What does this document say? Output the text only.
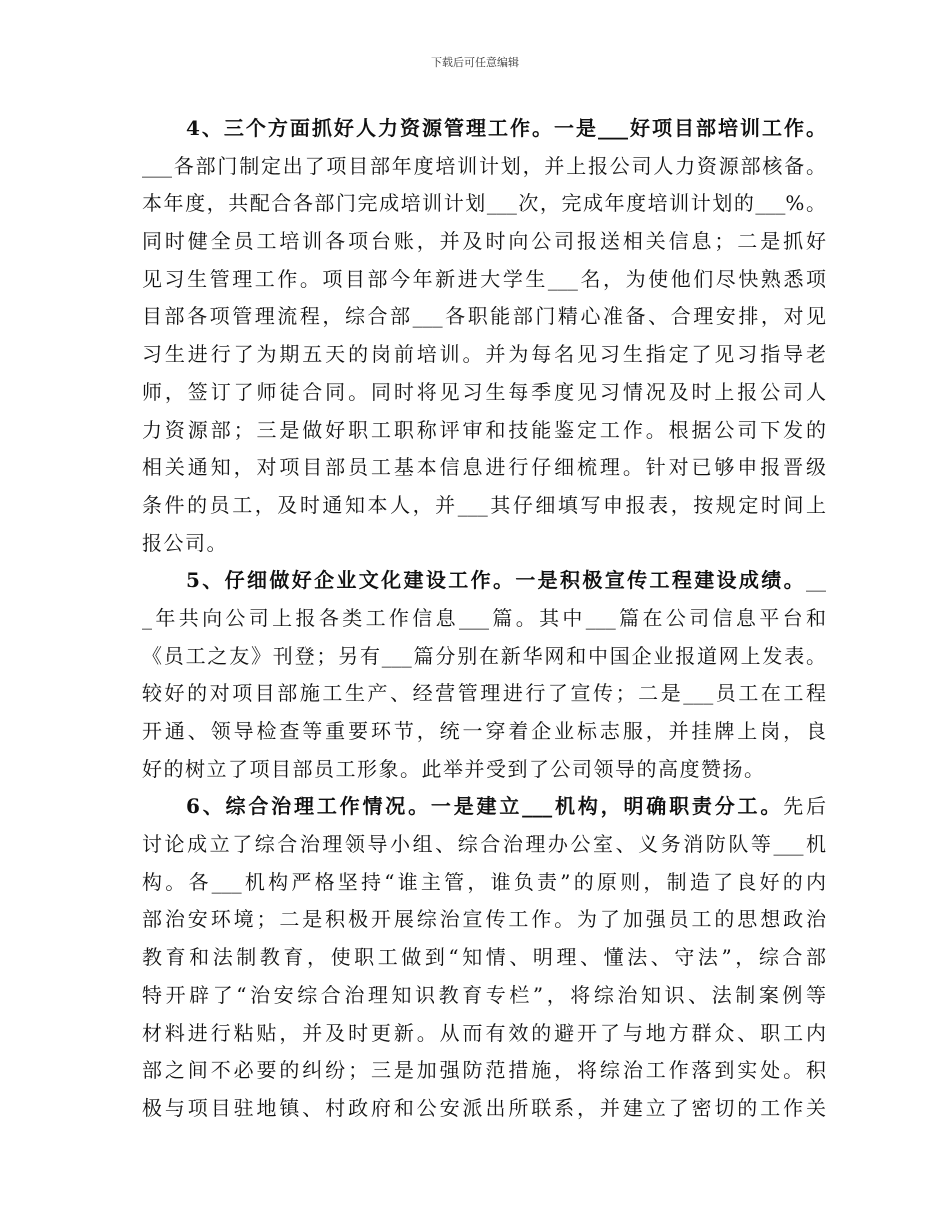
下载后可任意编辑
4、三个方面抓好人力资源管理工作。一是___好项目部培训工作。
___各部门制定出了项目部年度培训计划，并上报公司人力资源部核备。
本年度，共配合各部门完成培训计划___次，完成年度培训计划的___%。
同时健全员工培训各项台账，并及时向公司报送相关信息；二是抓好
见习生管理工作。项目部今年新进大学生___名，为使他们尽快熟悉项
目部各项管理流程，综合部___各职能部门精心准备、合理安排，对见
习生进行了为期五天的岗前培训。并为每名见习生指定了见习指导老
师，签订了师徒合同。同时将见习生每季度见习情况及时上报公司人
力资源部；三是做好职工职称评审和技能鉴定工作。根据公司下发的
相关通知，对项目部员工基本信息进行仔细梳理。针对已够申报晋级
条件的员工，及时通知本人，并___其仔细填写申报表，按规定时间上
报公司。
5、仔细做好企业文化建设工作。一是积极宣传工程建设成绩。__
_年共向公司上报各类工作信息___篇。其中___篇在公司信息平台和
《员工之友》刊登；另有___篇分别在新华网和中国企业报道网上发表。
较好的对项目部施工生产、经营管理进行了宣传；二是___员工在工程
开通、领导检查等重要环节，统一穿着企业标志服，并挂牌上岗，良
好的树立了项目部员工形象。此举并受到了公司领导的高度赞扬。
6、综合治理工作情况。一是建立___机构，明确职责分工。先后
讨论成立了综合治理领导小组、综合治理办公室、义务消防队等___机
构。各___机构严格坚持“谁主管，谁负责”的原则，制造了良好的内
部治安环境；二是积极开展综治宣传工作。为了加强员工的思想政治
教育和法制教育，使职工做到“知情、明理、懂法、守法”，综合部
特开辟了“治安综合治理知识教育专栏”，将综治知识、法制案例等
材料进行粘贴，并及时更新。从而有效的避开了与地方群众、职工内
部之间不必要的纠纷；三是加强防范措施，将综治工作落到实处。积
极与项目驻地镇、村政府和公安派出所联系，并建立了密切的工作关
